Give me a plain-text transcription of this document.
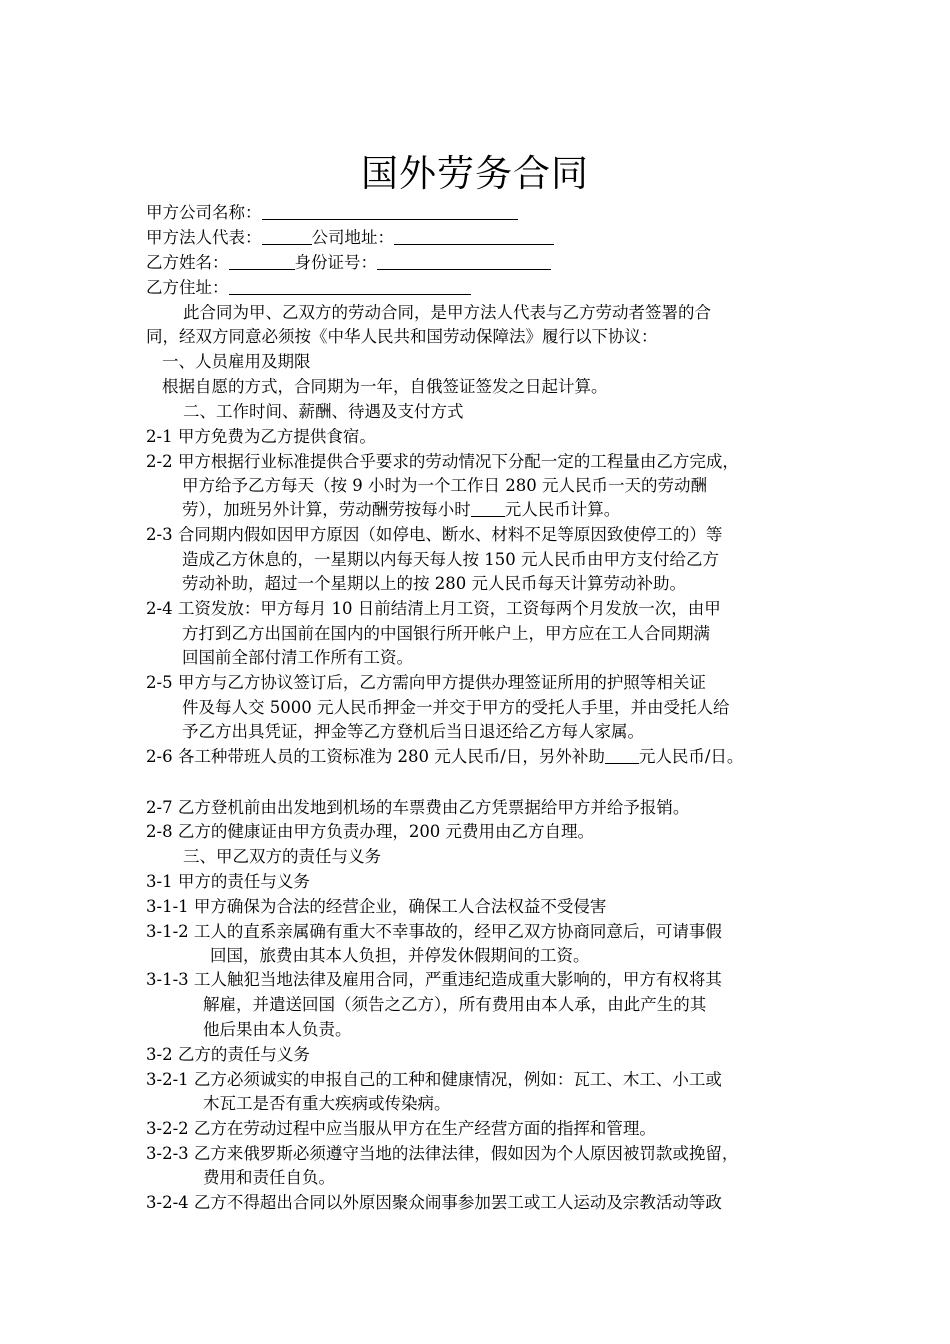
国外劳务合同
甲方公司名称：
甲方法人代表：	公司地址：
乙方姓名：	身份证号：
乙方住址：
此合同为甲、乙双方的劳动合同，是甲方法人代表与乙方劳动者签署的合
同，经双方同意必须按《中华人民共和国劳动保障法》履行以下协议：
一、人员雇用及期限
根据自愿的方式，合同期为一年，自俄签证签发之日起计算。
二、工作时间、薪酬、待遇及支付方式
2-1 甲方免费为乙方提供食宿。
2-2 甲方根据行业标准提供合乎要求的劳动情况下分配一定的工程量由乙方完成，
甲方给予乙方每天（按 9 小时为一个工作日 280 元人民币一天的劳动酬
劳），加班另外计算，劳动酬劳按每小时 元人民币计算。
2-3 合同期内假如因甲方原因（如停电、断水、材料不足等原因致使停工的）等
造成乙方休息的，一星期以内每天每人按 150 元人民币由甲方支付给乙方
劳动补助，超过一个星期以上的按 280 元人民币每天计算劳动补助。
2-4 工资发放：甲方每月 10 日前结清上月工资，工资每两个月发放一次，由甲
方打到乙方出国前在国内的中国银行所开帐户上，甲方应在工人合同期满
回国前全部付清工作所有工资。
2-5 甲方与乙方协议签订后，乙方需向甲方提供办理签证所用的护照等相关证
件及每人交 5000 元人民币押金一并交于甲方的受托人手里，并由受托人给
予乙方出具凭证，押金等乙方登机后当日退还给乙方每人家属。
2-6 各工种带班人员的工资标准为 280 元人民币/日，另外补助 元人民币/日。
2-7 乙方登机前由出发地到机场的车票费由乙方凭票据给甲方并给予报销。
2-8 乙方的健康证由甲方负责办理，200 元费用由乙方自理。
三、甲乙双方的责任与义务
3-1 甲方的责任与义务
3-1-1 甲方确保为合法的经营企业，确保工人合法权益不受侵害
3-1-2 工人的直系亲属确有重大不幸事故的，经甲乙双方协商同意后，可请事假
回国，旅费由其本人负担，并停发休假期间的工资。
3-1-3 工人触犯当地法律及雇用合同，严重违纪造成重大影响的，甲方有权将其
解雇，并遣送回国（须告之乙方），所有费用由本人承，由此产生的其
他后果由本人负责。
3-2 乙方的责任与义务
3-2-1 乙方必须诚实的申报自己的工种和健康情况，例如：瓦工、木工、小工或
木瓦工是否有重大疾病或传染病。
3-2-2 乙方在劳动过程中应当服从甲方在生产经营方面的指挥和管理。
3-2-3 乙方来俄罗斯必须遵守当地的法律法律，假如因为个人原因被罚款或挽留，
费用和责任自负。
3-2-4 乙方不得超出合同以外原因聚众闹事参加罢工或工人运动及宗教活动等政
